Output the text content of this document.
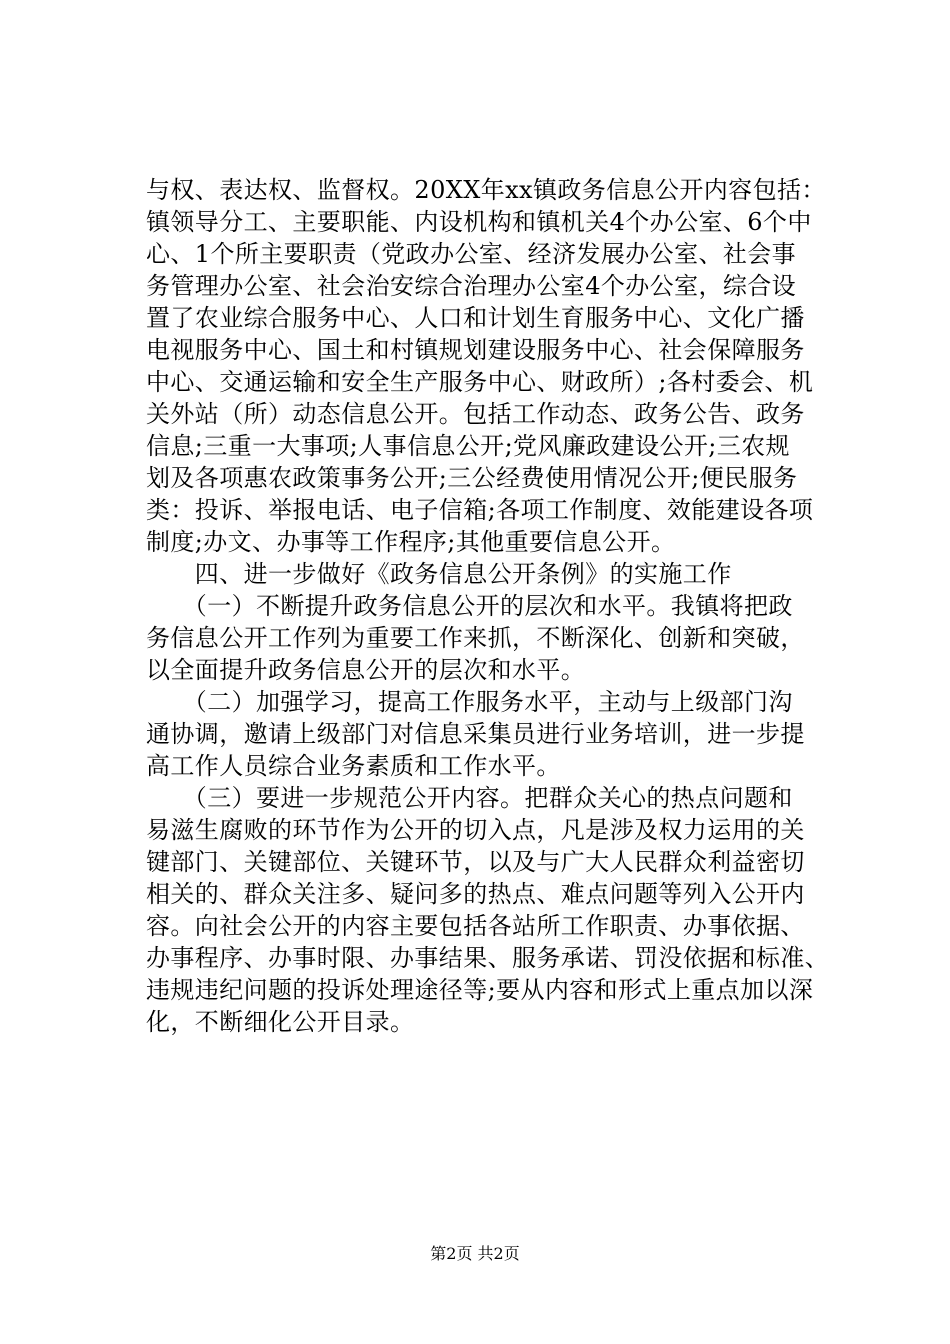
与权、表达权、监督权。20XX年xx镇政务信息公开内容包括：
镇领导分工、主要职能、内设机构和镇机关4个办公室、6个中
心、1个所主要职责（党政办公室、经济发展办公室、社会事
务管理办公室、社会治安综合治理办公室4个办公室，综合设
置了农业综合服务中心、人口和计划生育服务中心、文化广播
电视服务中心、国土和村镇规划建设服务中心、社会保障服务
中心、交通运输和安全生产服务中心、财政所）;各村委会、机
关外站（所）动态信息公开。包括工作动态、政务公告、政务
信息;三重一大事项;人事信息公开;党风廉政建设公开;三农规
划及各项惠农政策事务公开;三公经费使用情况公开;便民服务
类：投诉、举报电话、电子信箱;各项工作制度、效能建设各项
制度;办文、办事等工作程序;其他重要信息公开。
　　四、进一步做好《政务信息公开条例》的实施工作
　　（一）不断提升政务信息公开的层次和水平。我镇将把政
务信息公开工作列为重要工作来抓，不断深化、创新和突破，
以全面提升政务信息公开的层次和水平。
　　（二）加强学习，提高工作服务水平，主动与上级部门沟
通协调，邀请上级部门对信息采集员进行业务培训，进一步提
高工作人员综合业务素质和工作水平。
　　（三）要进一步规范公开内容。把群众关心的热点问题和
易滋生腐败的环节作为公开的切入点，凡是涉及权力运用的关
键部门、关键部位、关键环节，以及与广大人民群众利益密切
相关的、群众关注多、疑问多的热点、难点问题等列入公开内
容。向社会公开的内容主要包括各站所工作职责、办事依据、
办事程序、办事时限、办事结果、服务承诺、罚没依据和标准、
违规违纪问题的投诉处理途径等;要从内容和形式上重点加以深
化，不断细化公开目录。
第2页 共2页
